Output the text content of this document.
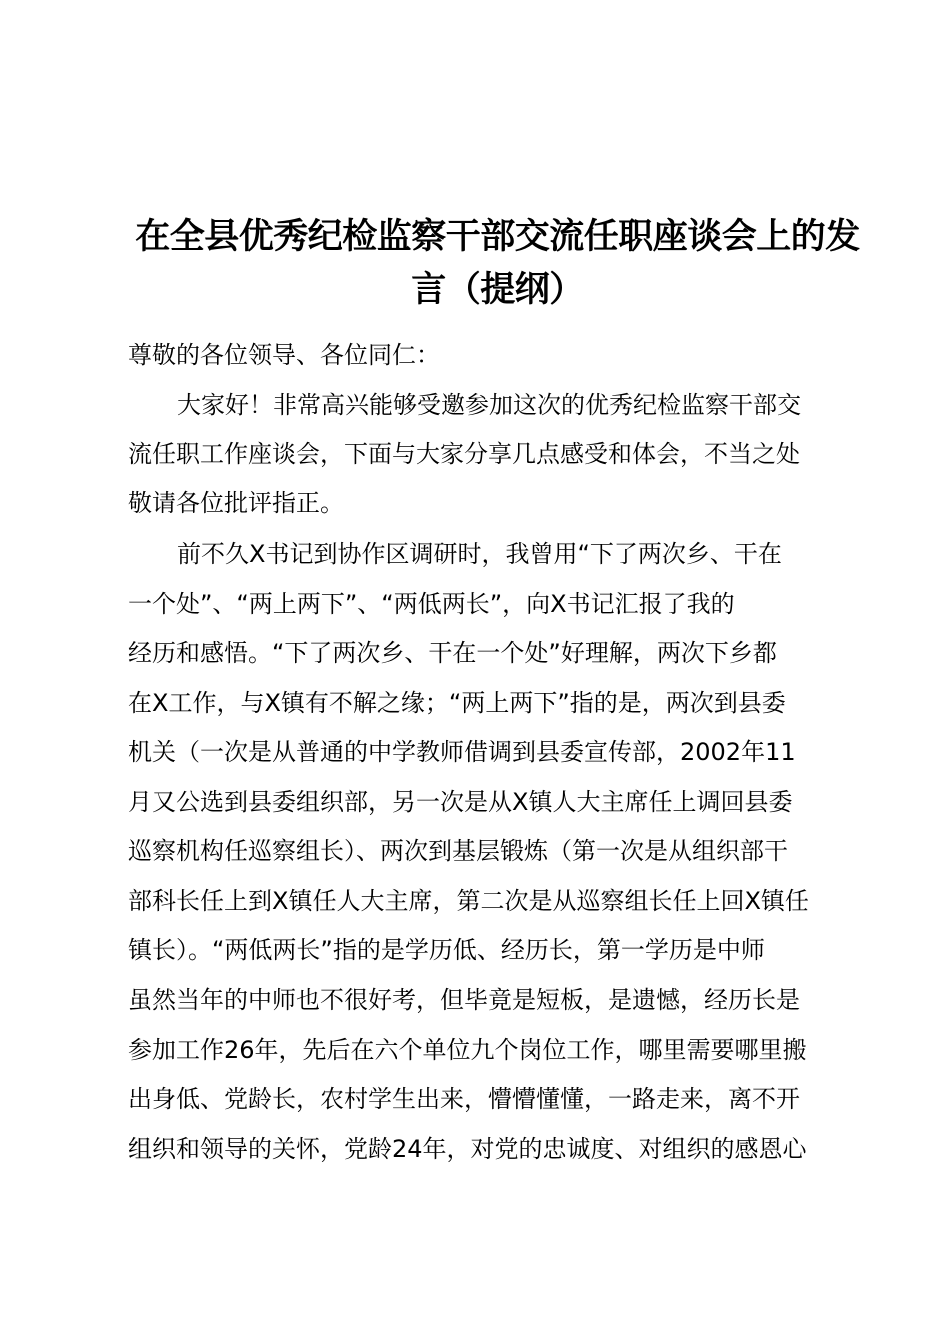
在全县优秀纪检监察干部交流任职座谈会上的发
言（提纲）

尊敬的各位领导、各位同仁：

大家好！非常高兴能够受邀参加这次的优秀纪检监察干部交

流任职工作座谈会，下面与大家分享几点感受和体会，不当之处

敬请各位批评指正。

前不久X书记到协作区调研时，我曾用“下了两次乡、干在

一个处”、“两上两下”、“两低两长”，向X书记汇报了我的

经历和感悟。“下了两次乡、干在一个处”好理解，两次下乡都

在X工作，与X镇有不解之缘；“两上两下”指的是，两次到县委

机关（一次是从普通的中学教师借调到县委宣传部，2002年11

月又公选到县委组织部，另一次是从X镇人大主席任上调回县委

巡察机构任巡察组长）、两次到基层锻炼（第一次是从组织部干

部科长任上到X镇任人大主席，第二次是从巡察组长任上回X镇任

镇长）。“两低两长”指的是学历低、经历长，第一学历是中师

虽然当年的中师也不很好考，但毕竟是短板，是遗憾，经历长是

参加工作26年，先后在六个单位九个岗位工作，哪里需要哪里搬

出身低、党龄长，农村学生出来，懵懵懂懂，一路走来，离不开

组织和领导的关怀，党龄24年，对党的忠诚度、对组织的感恩心
